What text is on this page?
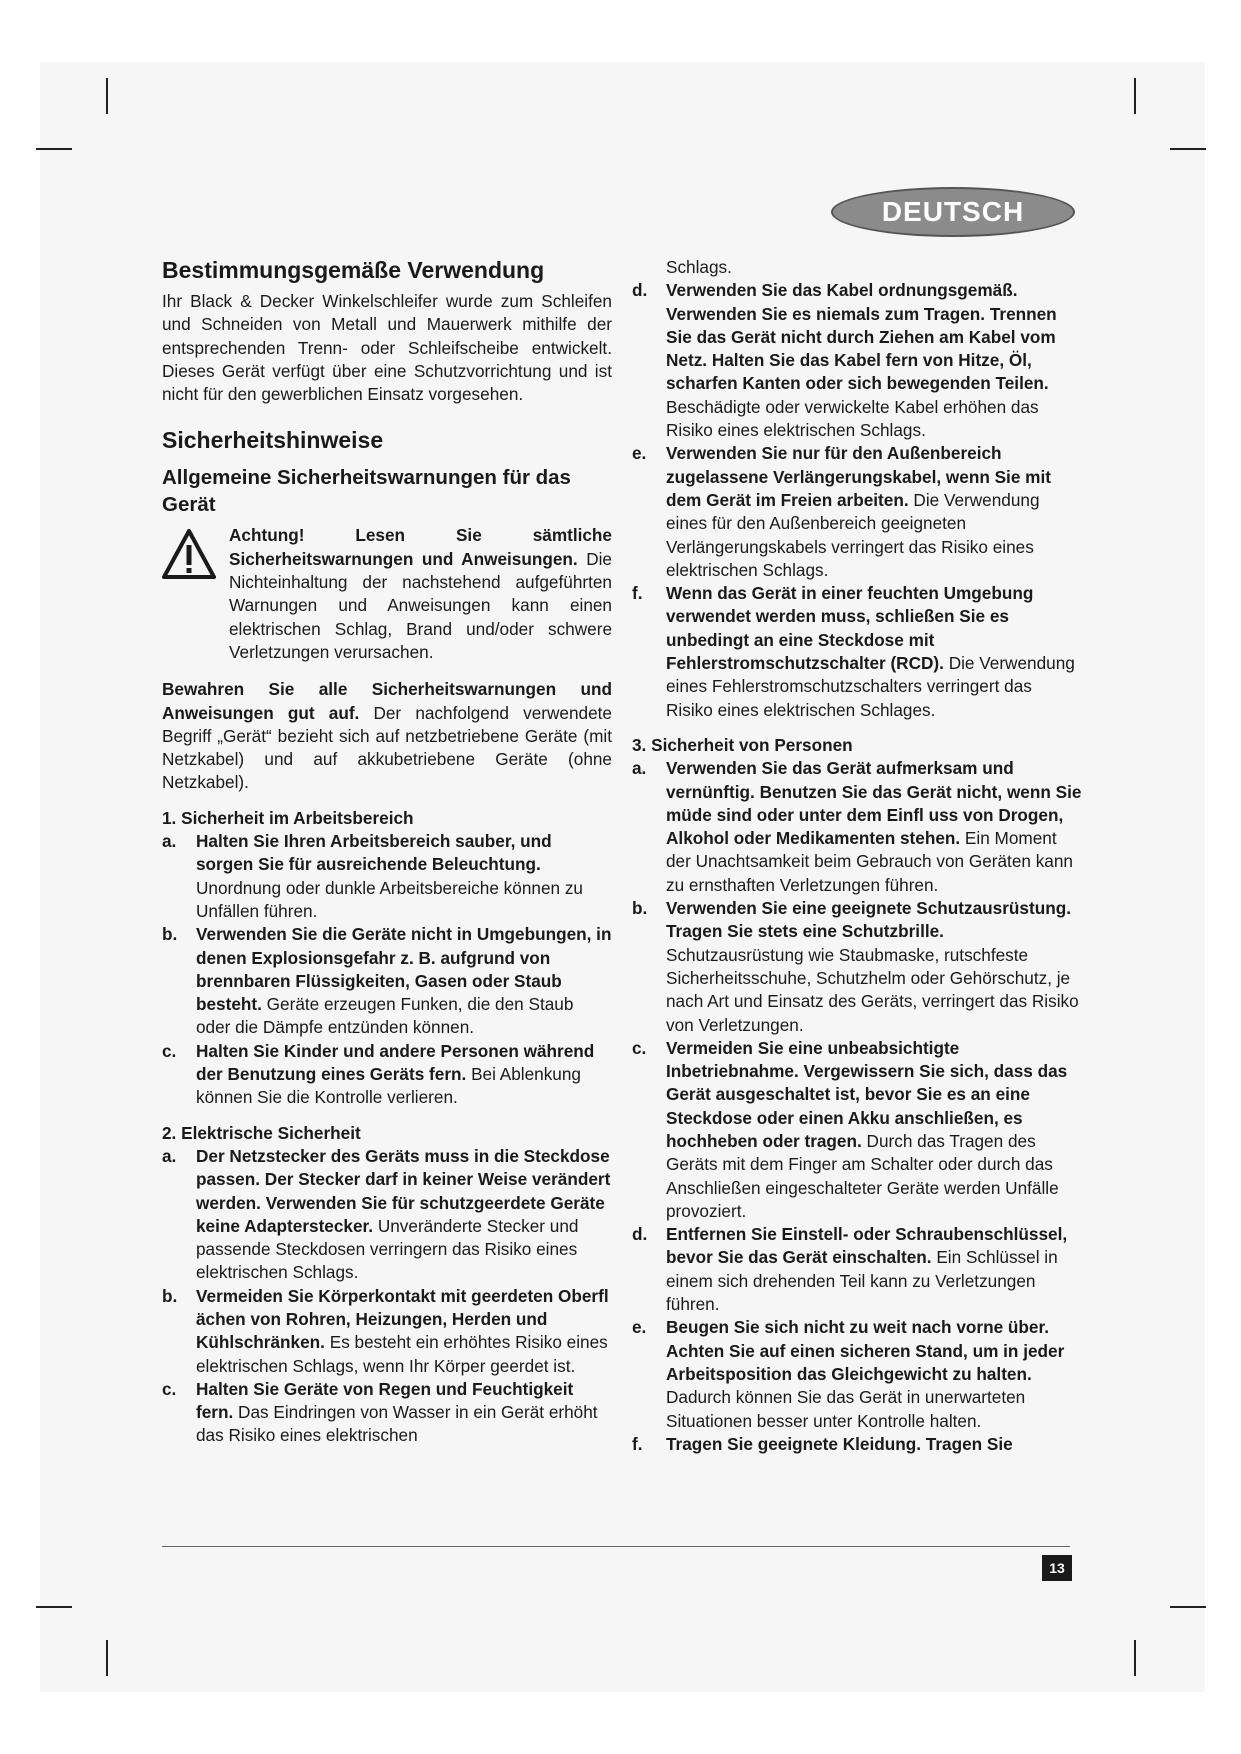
DEUTSCH
Bestimmungsgemäße Verwendung

Ihr Black & Decker Winkelschleifer wurde zum Schleifen und Schneiden von Metall und Mauerwerk mithilfe der entsprechenden Trenn- oder Schleifscheibe entwickelt. Dieses Gerät verfügt über eine Schutzvorrichtung und ist nicht für den gewerblichen Einsatz vorgesehen.

Sicherheitshinweise
Allgemeine Sicherheitswarnungen für das Gerät

Achtung! Lesen Sie sämtliche Sicherheitswarnungen und Anweisungen. Die Nichteinhaltung der nachstehend aufgeführten Warnungen und Anweisungen kann einen elektrischen Schlag, Brand und/oder schwere Verletzungen verursachen.

Bewahren Sie alle Sicherheitswarnungen und Anweisungen gut auf. Der nachfolgend verwendete Begriff „Gerät“ bezieht sich auf netzbetriebene Geräte (mit Netzkabel) und auf akkubetriebene Geräte (ohne Netzkabel).

1. Sicherheit im Arbeitsbereich

a. Halten Sie Ihren Arbeitsbereich sauber, und sorgen Sie für ausreichende Beleuchtung. Unordnung oder dunkle Arbeitsbereiche können zu Unfällen führen.
b. Verwenden Sie die Geräte nicht in Umgebungen, in denen Explosionsgefahr z. B. aufgrund von brennbaren Flüssigkeiten, Gasen oder Staub besteht. Geräte erzeugen Funken, die den Staub oder die Dämpfe entzünden können.
c. Halten Sie Kinder und andere Personen während der Benutzung eines Geräts fern. Bei Ablenkung können Sie die Kontrolle verlieren.

2. Elektrische Sicherheit

a. Der Netzstecker des Geräts muss in die Steckdose passen. Der Stecker darf in keiner Weise verändert werden. Verwenden Sie für schutzgeerdete Geräte keine Adapterstecker. Unveränderte Stecker und passende Steckdosen verringern das Risiko eines elektrischen Schlags.
b. Vermeiden Sie Körperkontakt mit geerdeten Oberfl ächen von Rohren, Heizungen, Herden und Kühlschränken. Es besteht ein erhöhtes Risiko eines elektrischen Schlags, wenn Ihr Körper geerdet ist.
c. Halten Sie Geräte von Regen und Feuchtigkeit fern. Das Eindringen von Wasser in ein Gerät erhöht das Risiko eines elektrischen

Schlags.

d. Verwenden Sie das Kabel ordnungsgemäß. Verwenden Sie es niemals zum Tragen. Trennen Sie das Gerät nicht durch Ziehen am Kabel vom Netz. Halten Sie das Kabel fern von Hitze, Öl, scharfen Kanten oder sich bewegenden Teilen. Beschädigte oder verwickelte Kabel erhöhen das Risiko eines elektrischen Schlags.
e. Verwenden Sie nur für den Außenbereich zugelassene Verlängerungskabel, wenn Sie mit dem Gerät im Freien arbeiten. Die Verwendung eines für den Außenbereich geeigneten Verlängerungskabels verringert das Risiko eines elektrischen Schlags.
f. Wenn das Gerät in einer feuchten Umgebung verwendet werden muss, schließen Sie es unbedingt an eine Steckdose mit Fehlerstromschutzschalter (RCD). Die Verwendung eines Fehlerstromschutzschalters verringert das Risiko eines elektrischen Schlages.

3. Sicherheit von Personen

a. Verwenden Sie das Gerät aufmerksam und vernünftig. Benutzen Sie das Gerät nicht, wenn Sie müde sind oder unter dem Einfl uss von Drogen, Alkohol oder Medikamenten stehen. Ein Moment der Unachtsamkeit beim Gebrauch von Geräten kann zu ernsthaften Verletzungen führen.
b. Verwenden Sie eine geeignete Schutzausrüstung. Tragen Sie stets eine Schutzbrille. Schutzausrüstung wie Staubmaske, rutschfeste Sicherheitsschuhe, Schutzhelm oder Gehörschutz, je nach Art und Einsatz des Geräts, verringert das Risiko von Verletzungen.
c. Vermeiden Sie eine unbeabsichtigte Inbetriebnahme. Vergewissern Sie sich, dass das Gerät ausgeschaltet ist, bevor Sie es an eine Steckdose oder einen Akku anschließen, es hochheben oder tragen. Durch das Tragen des Geräts mit dem Finger am Schalter oder durch das Anschließen eingeschalteter Geräte werden Unfälle provoziert.
d. Entfernen Sie Einstell- oder Schraubenschlüssel, bevor Sie das Gerät einschalten. Ein Schlüssel in einem sich drehenden Teil kann zu Verletzungen führen.
e. Beugen Sie sich nicht zu weit nach vorne über. Achten Sie auf einen sicheren Stand, um in jeder Arbeitsposition das Gleichgewicht zu halten. Dadurch können Sie das Gerät in unerwarteten Situationen besser unter Kontrolle halten.
f. Tragen Sie geeignete Kleidung. Tragen Sie
13
